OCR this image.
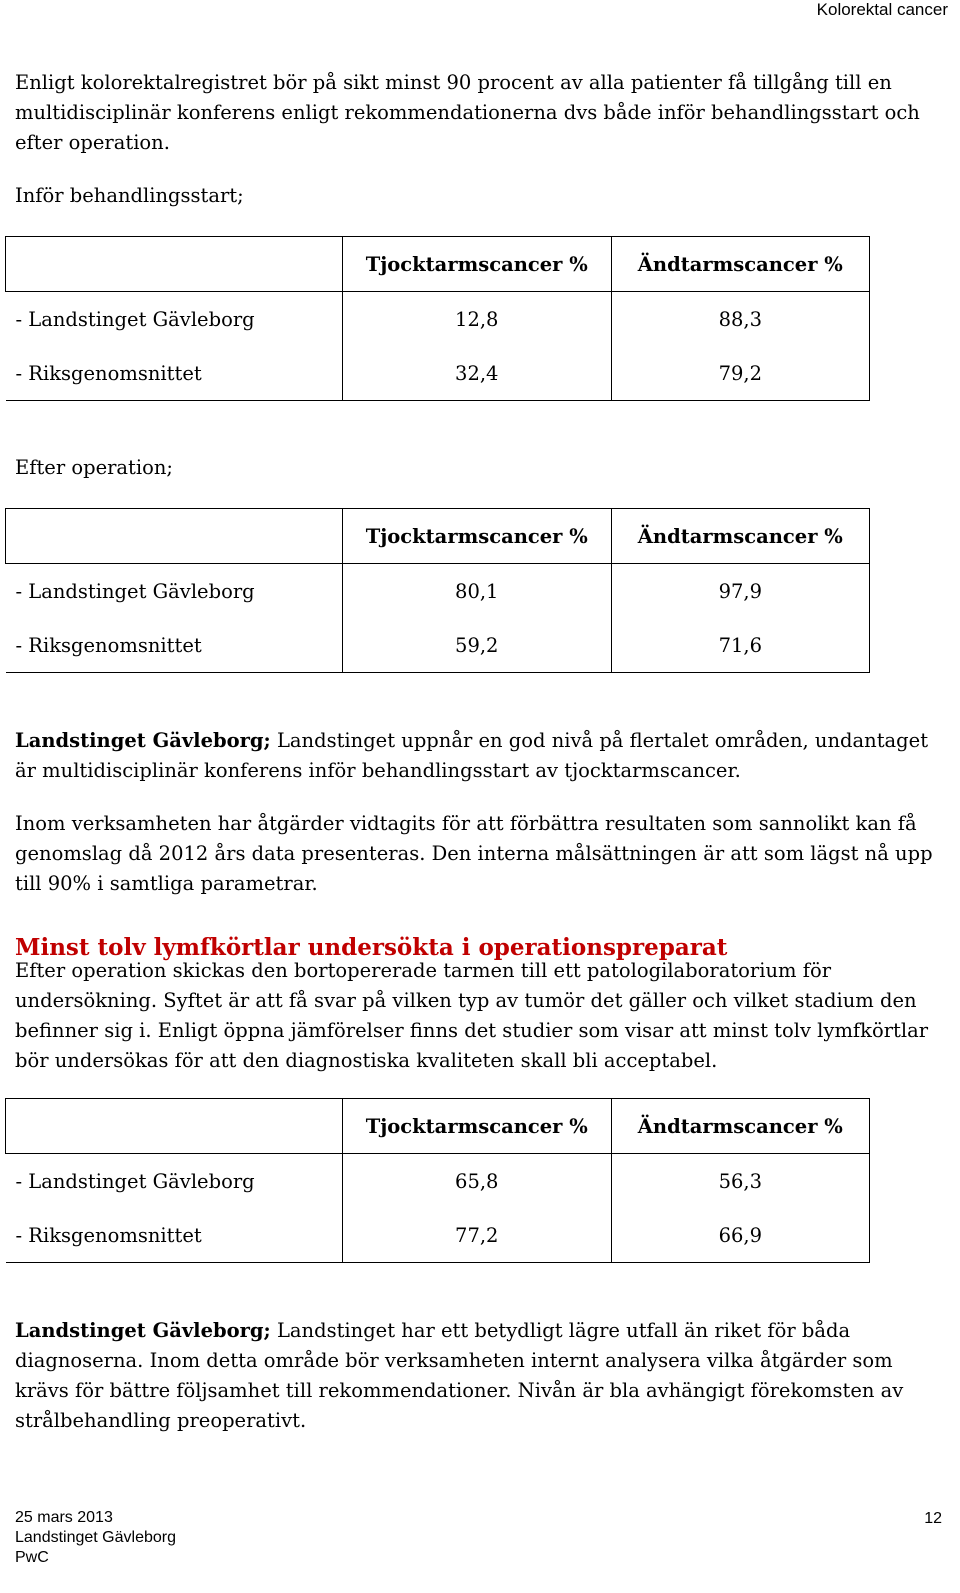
Kolorektal cancer

Enligt kolorektalregistret bör på sikt minst 90 procent av alla patienter få tillgång till en multidisciplinär konferens enligt rekommendationerna dvs både inför behandlingsstart och efter operation.

Inför behandlingsstart;

	Tjocktarmscancer %	Ändtarmscancer %
- Landstinget Gävleborg	12,8	88,3
- Riksgenomsnittet	32,4	79,2

Efter operation;

	Tjocktarmscancer %	Ändtarmscancer %
- Landstinget Gävleborg	80,1	97,9
- Riksgenomsnittet	59,2	71,6

Landstinget Gävleborg; Landstinget uppnår en god nivå på flertalet områden, undantaget är multidisciplinär konferens inför behandlingsstart av tjocktarmscancer.

Inom verksamheten har åtgärder vidtagits för att förbättra resultaten som sannolikt kan få genomslag då 2012 års data presenteras. Den interna målsättningen är att som lägst nå upp till 90% i samtliga parametrar.

Minst tolv lymfkörtlar undersökta i operationspreparat

Efter operation skickas den bortopererade tarmen till ett patologilaboratorium för undersökning. Syftet är att få svar på vilken typ av tumör det gäller och vilket stadium den befinner sig i. Enligt öppna jämförelser finns det studier som visar att minst tolv lymfkörtlar bör undersökas för att den diagnostiska kvaliteten skall bli acceptabel.

	Tjocktarmscancer %	Ändtarmscancer %
- Landstinget Gävleborg	65,8	56,3
- Riksgenomsnittet	77,2	66,9

Landstinget Gävleborg; Landstinget har ett betydligt lägre utfall än riket för båda diagnoserna. Inom detta område bör verksamheten internt analysera vilka åtgärder som krävs för bättre följsamhet till rekommendationer. Nivån är bla avhängigt förekomsten av strålbehandling preoperativt.

25 mars 2013
Landstinget Gävleborg
PwC
12
